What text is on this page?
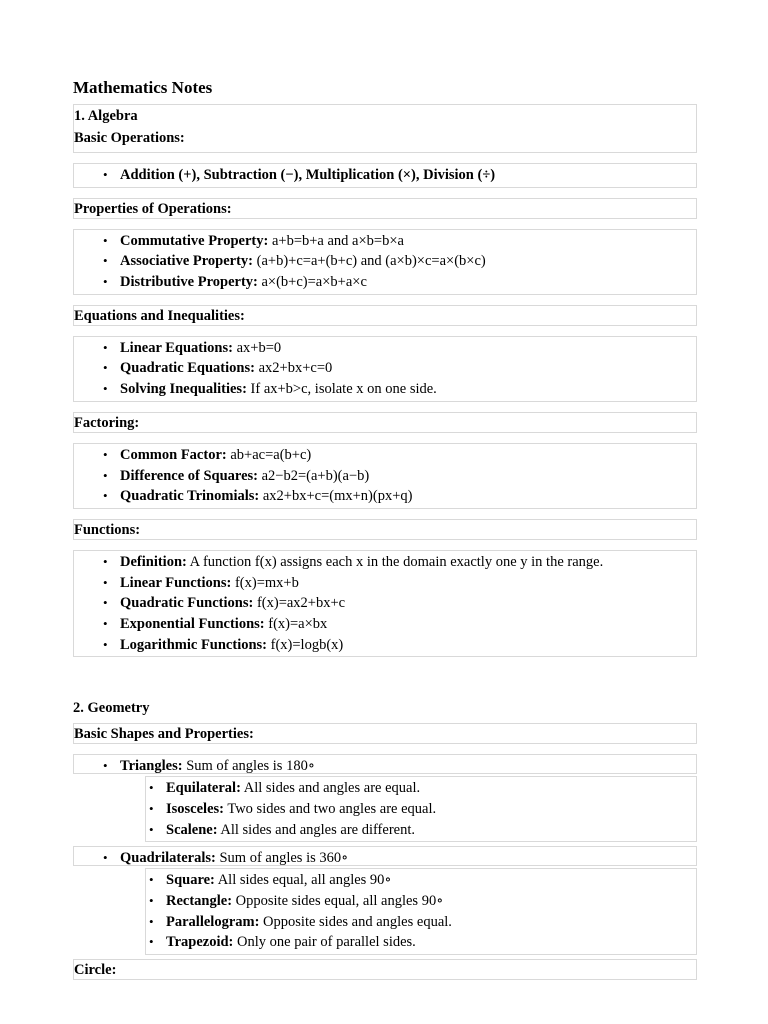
Mathematics Notes
1. Algebra
Basic Operations:
• Addition (+), Subtraction (−), Multiplication (×), Division (÷)
Properties of Operations:
• Commutative Property: a+b=b+a and a×b=b×a
• Associative Property: (a+b)+c=a+(b+c) and (a×b)×c=a×(b×c)
• Distributive Property: a×(b+c)=a×b+a×c
Equations and Inequalities:
• Linear Equations: ax+b=0
• Quadratic Equations: ax2+bx+c=0
• Solving Inequalities: If ax+b>c, isolate x on one side.
Factoring:
• Common Factor: ab+ac=a(b+c)
• Difference of Squares: a2−b2=(a+b)(a−b)
• Quadratic Trinomials: ax2+bx+c=(mx+n)(px+q)
Functions:
• Definition: A function f(x) assigns each x in the domain exactly one y in the range.
• Linear Functions: f(x)=mx+b
• Quadratic Functions: f(x)=ax2+bx+c
• Exponential Functions: f(x)=a×bx
• Logarithmic Functions: f(x)=logb(x)
2. Geometry
Basic Shapes and Properties:
• Triangles: Sum of angles is 180∘
• Equilateral: All sides and angles are equal.
• Isosceles: Two sides and two angles are equal.
• Scalene: All sides and angles are different.
• Quadrilaterals: Sum of angles is 360∘
• Square: All sides equal, all angles 90∘
• Rectangle: Opposite sides equal, all angles 90∘
• Parallelogram: Opposite sides and angles equal.
• Trapezoid: Only one pair of parallel sides.
Circle:
